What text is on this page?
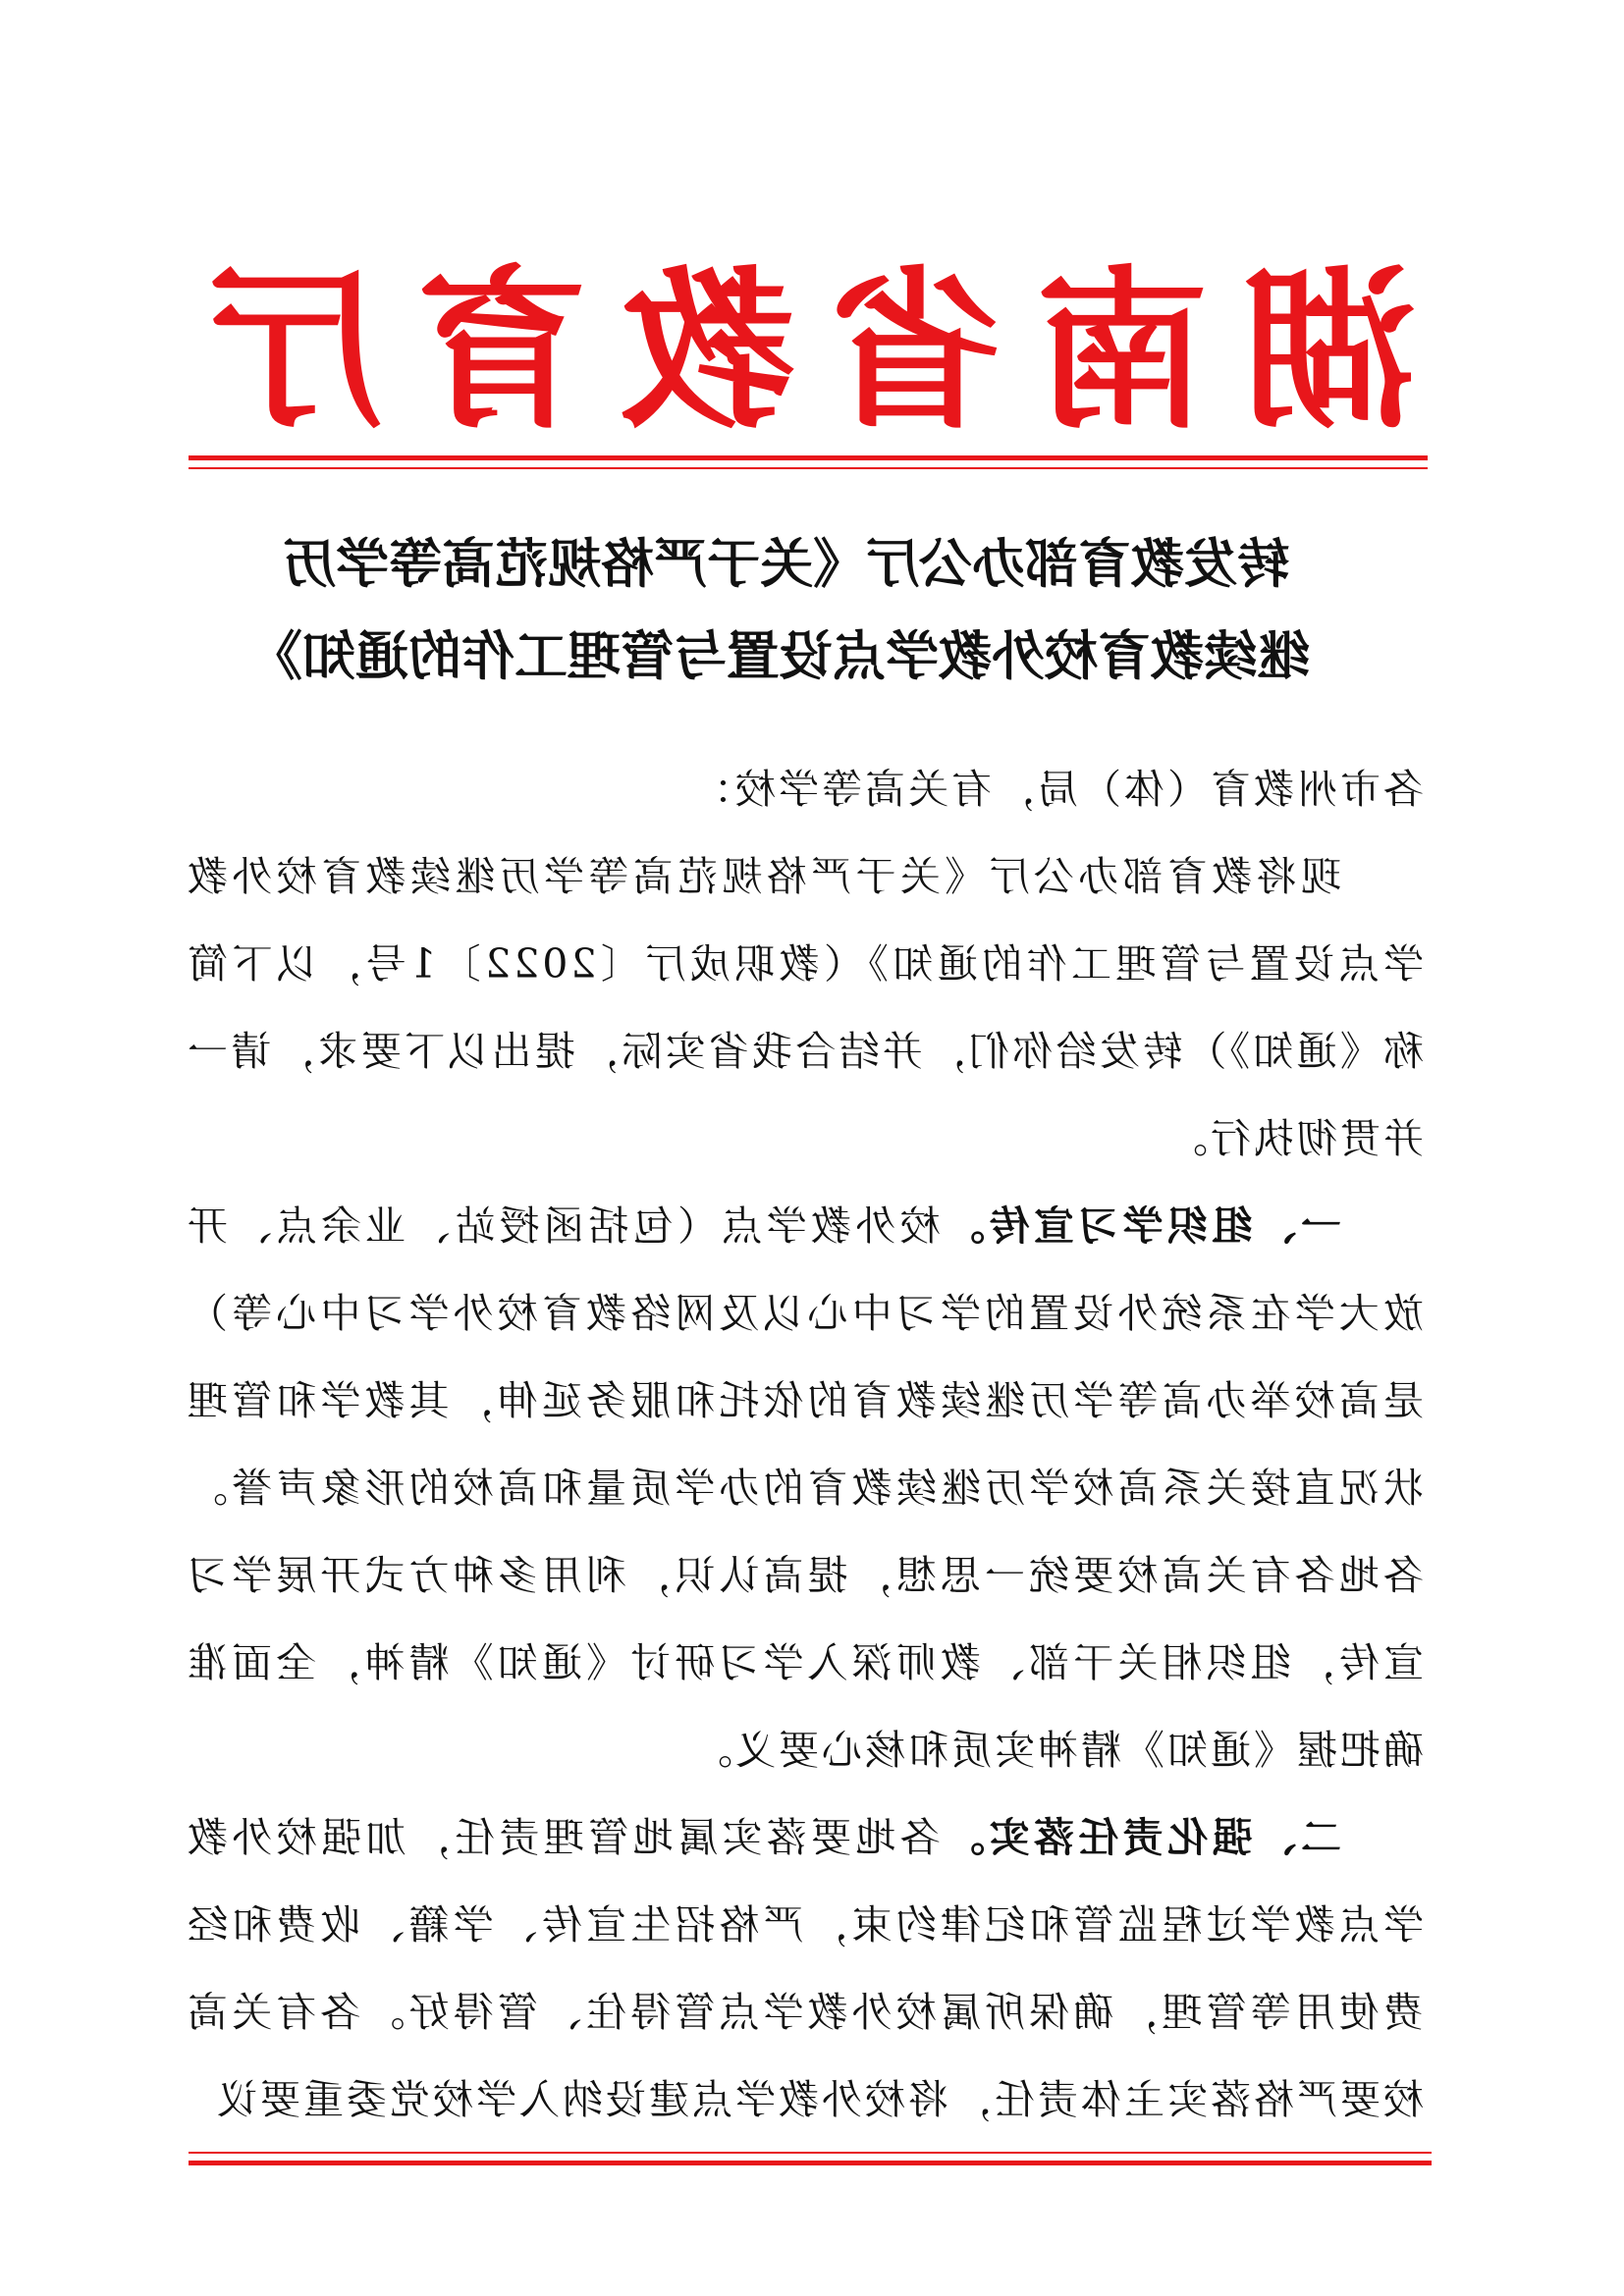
湖
南
省
教
育
厅
转发教育部办公厅《关于严格规范高等学历
继续教育校外教学点设置与管理工作的通知》

各市州教育（体）局，有关高等学校：

现将教育部办公厅《关于严格规范高等学历继续教育校外教学点设置与管理工作的通知》（教职成厅〔2022〕1号，以下简称《通知》）转发给你们，并结合我省实际，提出以下要求，请一并贯彻执行。

一、组织学习宣传。校外教学点（包括函授站、业余点、开放大学在系统外设置的学习中心以及网络教育校外学习中心等）是高校举办高等学历继续教育的依托和服务延伸，其教学和管理状况直接关系高校学历继续教育的办学质量和高校的形象声誉。各地各有关高校要统一思想，提高认识，利用多种方式开展学习宣传，组织相关干部、教师深入学习研讨《通知》精神，全面准确把握《通知》精神实质和核心要义。

二、强化责任落实。各地要落实属地管理责任，加强校外教学点教学过程监管和纪律约束，严格招生宣传、学籍、收费和经费使用等管理，确保所属校外教学点管得住、管得好。各有关高校要严格落实主体责任，将校外教学点建设纳入学校党委重要议
